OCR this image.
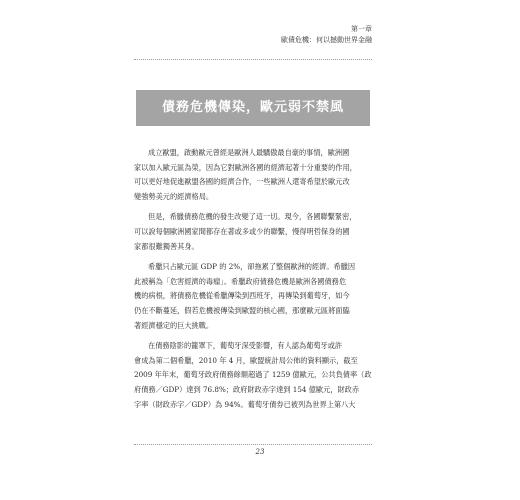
第一章
歐債危機：何以撼動世界金融
債務危機傳染，歐元弱不禁風

成立歐盟，啟動歐元曾經是歐洲人最驕傲最自豪的事情，歐洲國
家以加入歐元區為榮，因為它對歐洲各國的經濟起著十分重要的作用，
可以更好地促進歐盟各國的經濟合作，一些歐洲人還寄希望於歐元改
變強勢美元的經濟格局。

但是，希臘債務危機的發生改變了這一切。現今，各國聯繫緊密，
可以說每個歐洲國家間都存在著或多或少的聯繫，慢得明哲保身的國
家都很難獨善其身。

希臘只占歐元區 GDP 的 2%，卻拖累了整個歐洲的經濟。希臘因
此被稱為「危害經濟的毒瘤」。希臘政府債務危機是歐洲各國債務危
機的病根，將債務危機從希臘傳染到西班牙，再傳染到葡萄牙，如今
仍在不斷蔓延，假若危機被傳染到歐盟的核心國，那麼歐元區將面臨
著經濟穩定的巨大挑戰。

在債務陰影的籠罩下，葡萄牙深受影響，有人認為葡萄牙或許
會成為第二個希臘，2010 年 4 月，歐盟統計局公佈的資料顯示，截至
2009 年年末，葡萄牙政府債務餘額超過了 1259 億歐元，公共負債率（政
府債務／GDP）達到 76.8%；政府財政赤字達到 154 億歐元，財政赤
字率（財政赤字／GDP）為 94%。葡萄牙債券已被列為世界上第八大

23
